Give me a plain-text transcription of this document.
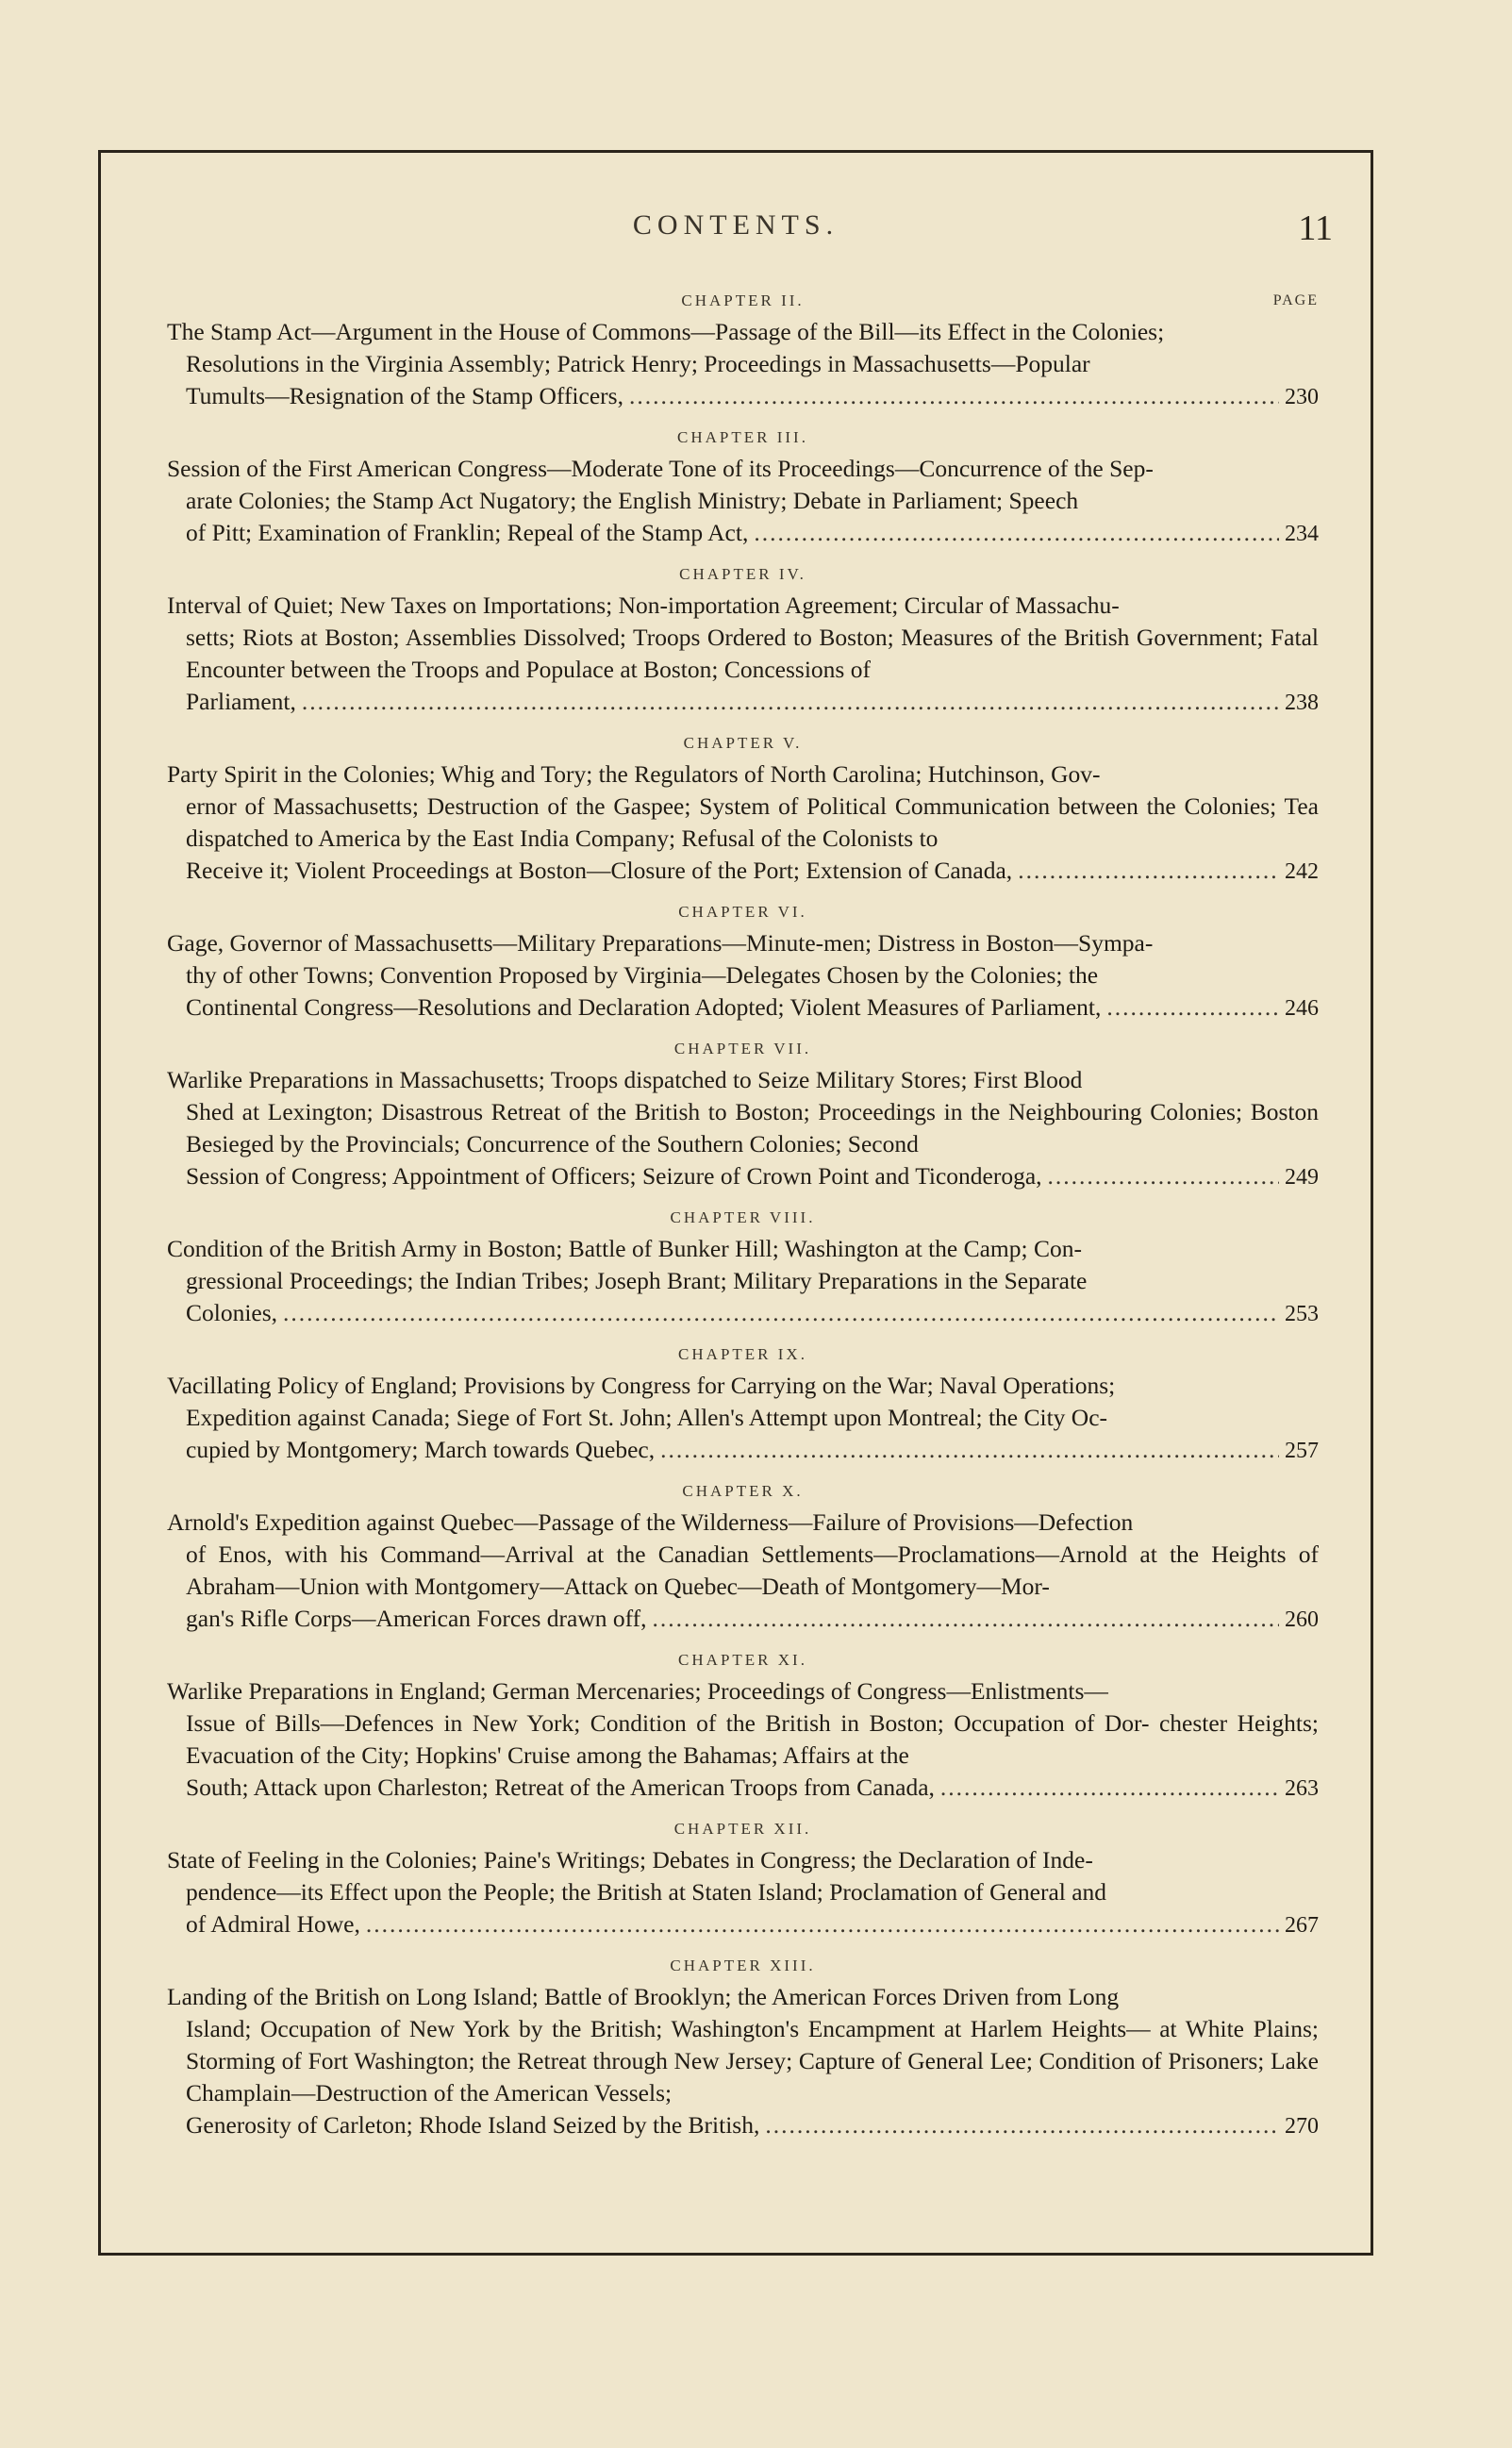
CONTENTS.	11
CHAPTER II.	PAGE
The Stamp Act—Argument in the House of Commons—Passage of the Bill—its Effect in the Colonies;
Resolutions in the Virginia Assembly; Patrick Henry; Proceedings in Massachusetts—Popular
Tumults—Resignation of the Stamp Officers, .....	230
CHAPTER III.
Session of the First American Congress—Moderate Tone of its Proceedings—Concurrence of the Sep-
arate Colonies; the Stamp Act Nugatory; the English Ministry; Debate in Parliament; Speech
of Pitt; Examination of Franklin; Repeal of the Stamp Act, .....	234
CHAPTER IV.
Interval of Quiet; New Taxes on Importations; Non-importation Agreement; Circular of Massachu-
setts; Riots at Boston; Assemblies Dissolved; Troops Ordered to Boston; Measures of the British Government; Fatal Encounter between the Troops and Populace at Boston; Concessions of
Parliament, .....	238
CHAPTER V.
Party Spirit in the Colonies; Whig and Tory; the Regulators of North Carolina; Hutchinson, Gov-
ernor of Massachusetts; Destruction of the Gaspee; System of Political Communication between the Colonies; Tea dispatched to America by the East India Company; Refusal of the Colonists to
Receive it; Violent Proceedings at Boston—Closure of the Port; Extension of Canada, .....	242
CHAPTER VI.
Gage, Governor of Massachusetts—Military Preparations—Minute-men; Distress in Boston—Sympa-
thy of other Towns; Convention Proposed by Virginia—Delegates Chosen by the Colonies; the
Continental Congress—Resolutions and Declaration Adopted; Violent Measures of Parliament, .....	246
CHAPTER VII.
Warlike Preparations in Massachusetts; Troops dispatched to Seize Military Stores; First Blood
Shed at Lexington; Disastrous Retreat of the British to Boston; Proceedings in the Neighbouring Colonies; Boston Besieged by the Provincials; Concurrence of the Southern Colonies; Second
Session of Congress; Appointment of Officers; Seizure of Crown Point and Ticonderoga, .....	249
CHAPTER VIII.
Condition of the British Army in Boston; Battle of Bunker Hill; Washington at the Camp; Con-
gressional Proceedings; the Indian Tribes; Joseph Brant; Military Preparations in the Separate
Colonies, .....	253
CHAPTER IX.
Vacillating Policy of England; Provisions by Congress for Carrying on the War; Naval Operations;
Expedition against Canada; Siege of Fort St. John; Allen's Attempt upon Montreal; the City Oc-
cupied by Montgomery; March towards Quebec, .....	257
CHAPTER X.
Arnold's Expedition against Quebec—Passage of the Wilderness—Failure of Provisions—Defection
of Enos, with his Command—Arrival at the Canadian Settlements—Proclamations—Arnold at the Heights of Abraham—Union with Montgomery—Attack on Quebec—Death of Montgomery—Mor-
gan's Rifle Corps—American Forces drawn off, .....	260
CHAPTER XI.
Warlike Preparations in England; German Mercenaries; Proceedings of Congress—Enlistments—
Issue of Bills—Defences in New York; Condition of the British in Boston; Occupation of Dor- chester Heights; Evacuation of the City; Hopkins' Cruise among the Bahamas; Affairs at the
South; Attack upon Charleston; Retreat of the American Troops from Canada, .....	263
CHAPTER XII.
State of Feeling in the Colonies; Paine's Writings; Debates in Congress; the Declaration of Inde-
pendence—its Effect upon the People; the British at Staten Island; Proclamation of General and
of Admiral Howe, .....	267
CHAPTER XIII.
Landing of the British on Long Island; Battle of Brooklyn; the American Forces Driven from Long
Island; Occupation of New York by the British; Washington's Encampment at Harlem Heights— at White Plains; Storming of Fort Washington; the Retreat through New Jersey; Capture of General Lee; Condition of Prisoners; Lake Champlain—Destruction of the American Vessels;
Generosity of Carleton; Rhode Island Seized by the British, .....	270
